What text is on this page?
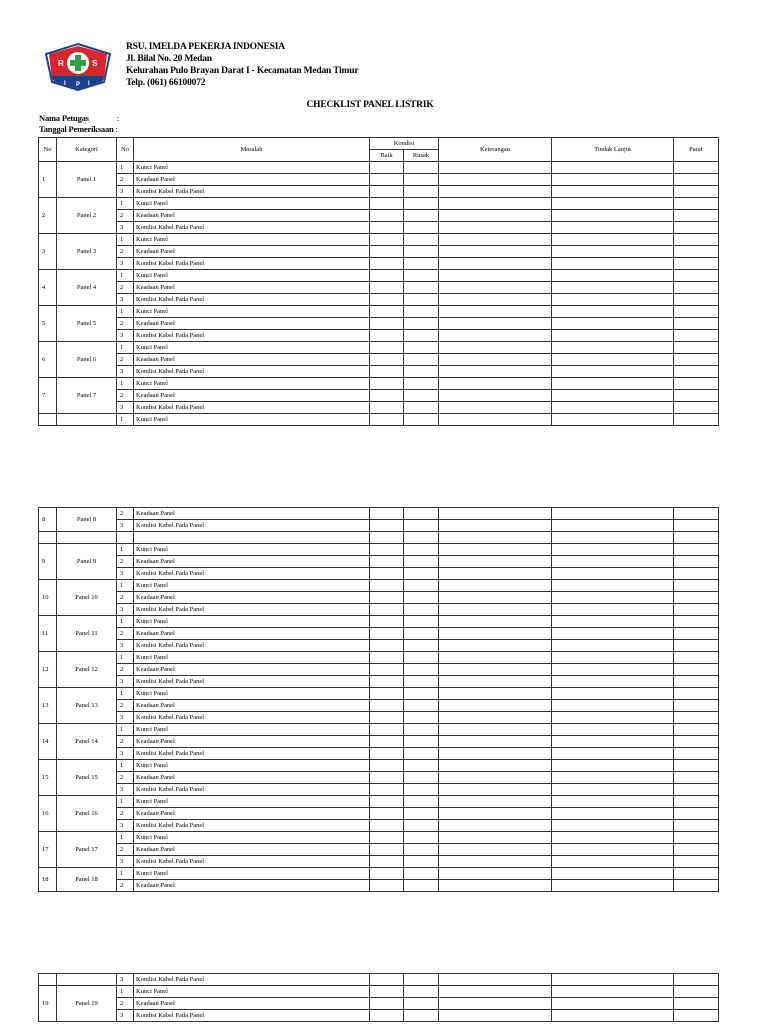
R	S
I P I
RSU. IMELDA PEKERJA INDONESIA
Jl. Bilal No. 20 Medan
Kelurahan Pulo Brayan Darat I - Kecamatan Medan Timur
Telp. (061) 66100072
CHECKLIST PANEL LISTRIK
Nama Petugas	:
Tanggal Pemeriksaan :
No	Kategori	No	Masalah	Kondisi		Keterangan	Tindak Lanjut	Paraf
				Baik	Rusak			
1	Panel 1	1	Kunci Panel					
		2	Keadaan Panel					
		3	Kondisi Kabel Pada Panel					
2	Panel 2	1	Kunci Panel					
		2	Keadaan Panel					
		3	Kondisi Kabel Pada Panel					
3	Panel 3	1	Kunci Panel					
		2	Keadaan Panel					
		3	Kondisi Kabel Pada Panel					
4	Panel 4	1	Kunci Panel					
		2	Keadaan Panel					
		3	Kondisi Kabel Pada Panel					
5	Panel 5	1	Kunci Panel					
		2	Keadaan Panel					
		3	Kondisi Kabel Pada Panel					
6	Panel 6	1	Kunci Panel					
		2	Keadaan Panel					
		3	Kondisi Kabel Pada Panel					
7	Panel 7	1	Kunci Panel					
		2	Keadaan Panel					
		3	Kondisi Kabel Pada Panel					
		1	Kunci Panel					
8	Panel 8	2	Keadaan Panel					
		3	Kondisi Kabel Pada Panel					

9	Panel 9	1	Kunci Panel					
		2	Keadaan Panel					
		3	Kondisi Kabel Pada Panel					
10	Panel 10	1	Kunci Panel					
		2	Keadaan Panel					
		3	Kondisi Kabel Pada Panel					
11	Panel 11	1	Kunci Panel					
		2	Keadaan Panel					
		3	Kondisi Kabel Pada Panel					
12	Panel 12	1	Kunci Panel					
		2	Keadaan Panel					
		3	Kondisi Kabel Pada Panel					
13	Panel 13	1	Kunci Panel					
		2	Keadaan Panel					
		3	Kondisi Kabel Pada Panel					
14	Panel 14	1	Kunci Panel					
		2	Keadaan Panel					
		3	Kondisi Kabel Pada Panel					
15	Panel 15	1	Kunci Panel					
		2	Keadaan Panel					
		3	Kondisi Kabel Pada Panel					
16	Panel 16	1	Kunci Panel					
		2	Keadaan Panel					
		3	Kondisi Kabel Pada Panel					
17	Panel 17	1	Kunci Panel					
		2	Keadaan Panel					
		3	Kondisi Kabel Pada Panel					
18	Panel 18	1	Kunci Panel					
		2	Keadaan Panel					
		3	Kondisi Kabel Pada Panel					
19	Panel 19	1	Kunci Panel					
		2	Keadaan Panel					
		3	Kondisi Kabel Pada Panel					
